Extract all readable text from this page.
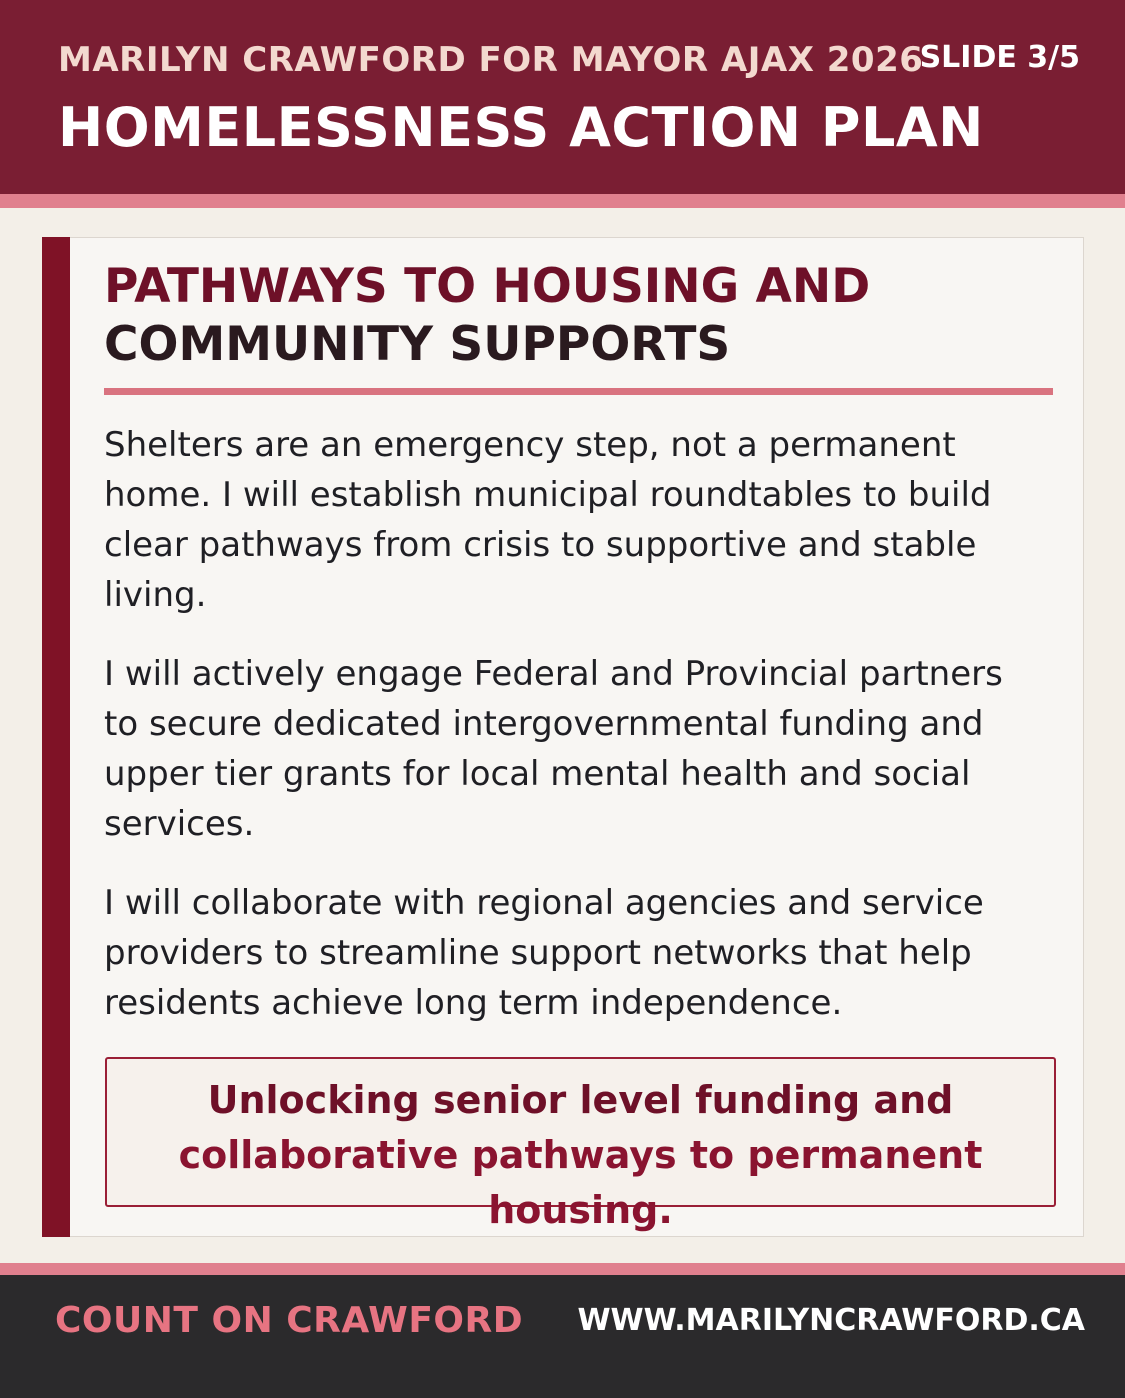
MARILYN CRAWFORD FOR MAYOR AJAX 2026
SLIDE 3/5
HOMELESSNESS ACTION PLAN
PATHWAYS TO HOUSING AND
COMMUNITY SUPPORTS

Shelters are an emergency step, not a permanent home. I will establish municipal roundtables to build clear pathways from crisis to supportive and stable living.

I will actively engage Federal and Provincial partners to secure dedicated intergovernmental funding and upper tier grants for local mental health and social services.

I will collaborate with regional agencies and service providers to streamline support networks that help residents achieve long term independence.

Unlocking senior level funding and
collaborative pathways to permanent housing.

COUNT ON CRAWFORD WWW.MARILYNCRAWFORD.CA
